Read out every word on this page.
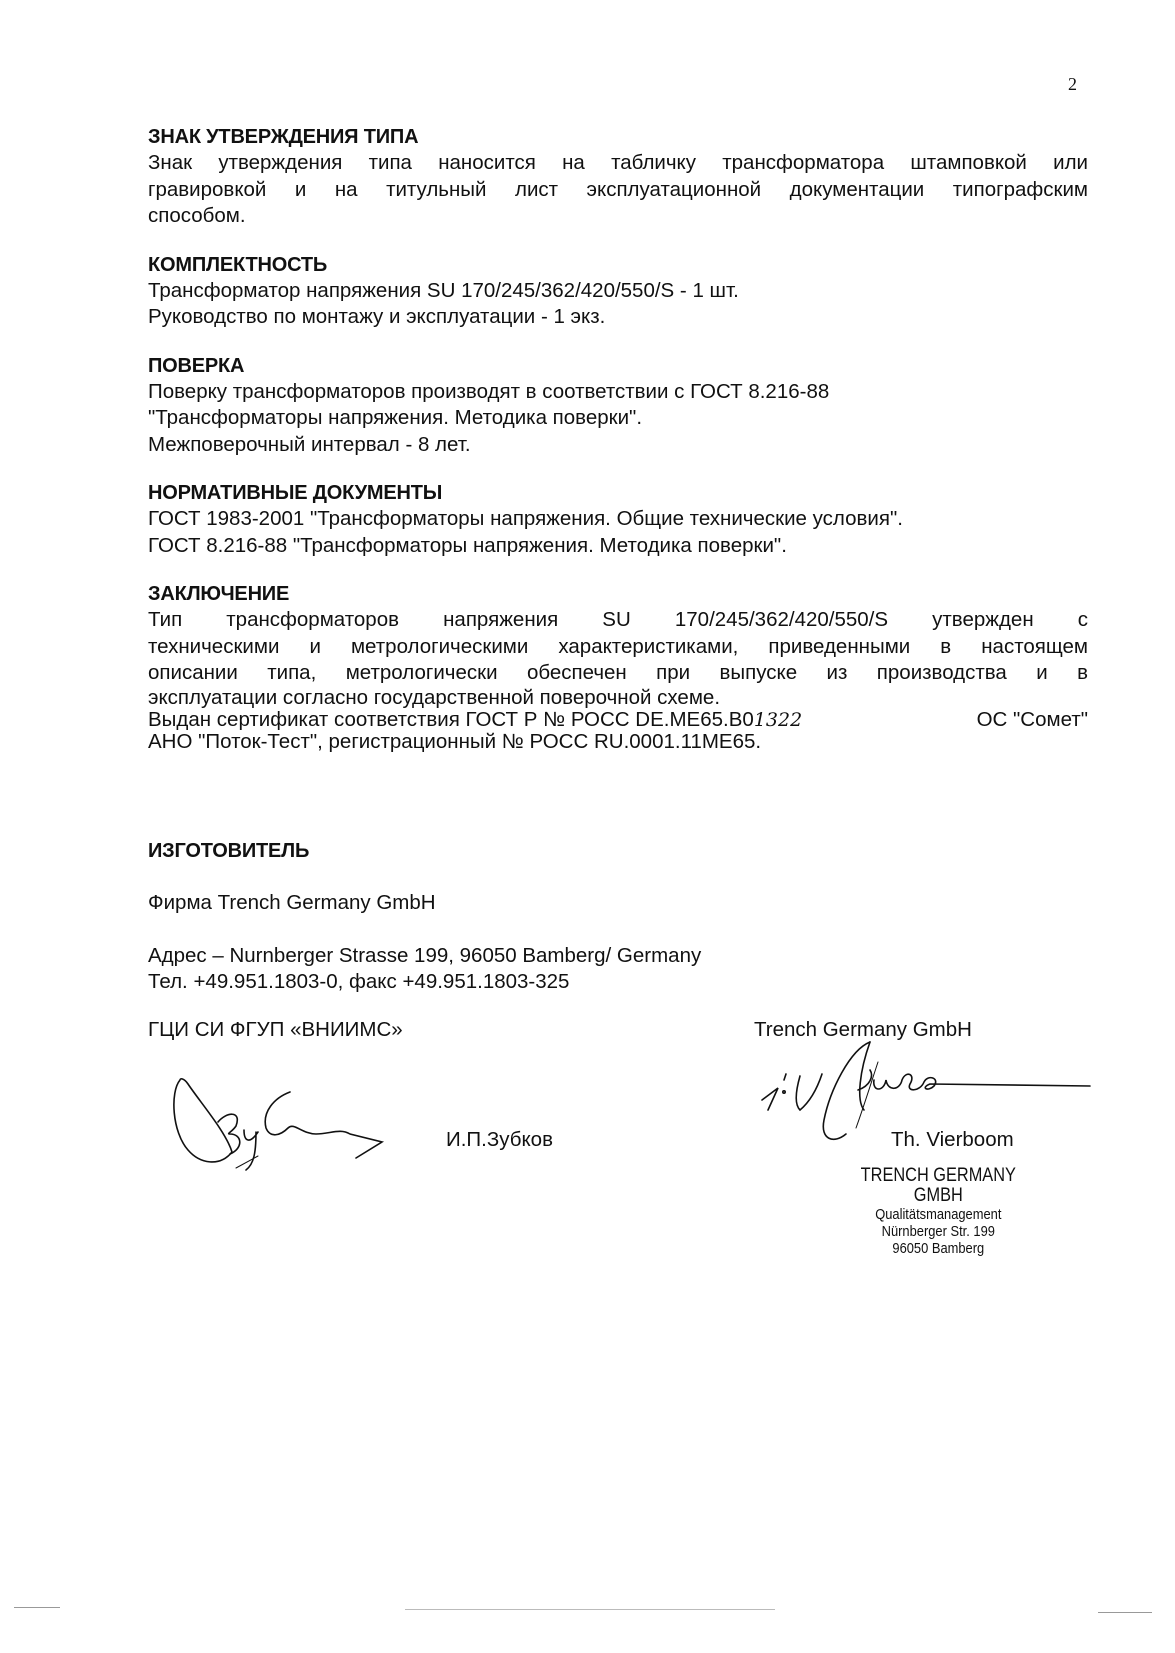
2
ЗНАК УТВЕРЖДЕНИЯ ТИПА
Знак утверждения типа наносится на табличку трансформатора штамповкой или
гравировкой и на титульный лист эксплуатационной документации типографским
способом.
КОМПЛЕКТНОСТЬ
Трансформатор напряжения SU 170/245/362/420/550/S - 1 шт.
Руководство по монтажу и эксплуатации - 1 экз.
ПОВЕРКА
Поверку трансформаторов производят в соответствии с ГОСТ 8.216-88
"Трансформаторы напряжения. Методика поверки".
Межповерочный интервал - 8 лет.
НОРМАТИВНЫЕ ДОКУМЕНТЫ
ГОСТ 1983-2001 "Трансформаторы напряжения. Общие технические условия".
ГОСТ 8.216-88 "Трансформаторы напряжения. Методика поверки".
ЗАКЛЮЧЕНИЕ
Тип трансформаторов напряжения SU 170/245/362/420/550/S утвержден с
техническими и метрологическими характеристиками, приведенными в настоящем
описании типа, метрологически обеспечен при выпуске из производства и в
эксплуатации согласно государственной поверочной схеме.
Выдан сертификат соответствия ГОСТ Р № РОСС DE.ME65.B01322	ОС "Сомет"
АНО "Поток-Тест", регистрационный № РОСС RU.0001.11ME65.
ИЗГОТОВИТЕЛЬ
Фирма Trench Germany GmbH
Адрес – Nurnberger Strasse 199, 96050 Bamberg/ Germany
Тел. +49.951.1803-0, факс +49.951.1803-325
ГЦИ СИ ФГУП «ВНИИМС»
И.П.Зубков
Trench Germany GmbH
Th. Vierboom
TRENCH GERMANY GMBH
Qualitätsmanagement
Nürnberger Str. 199
96050 Bamberg
